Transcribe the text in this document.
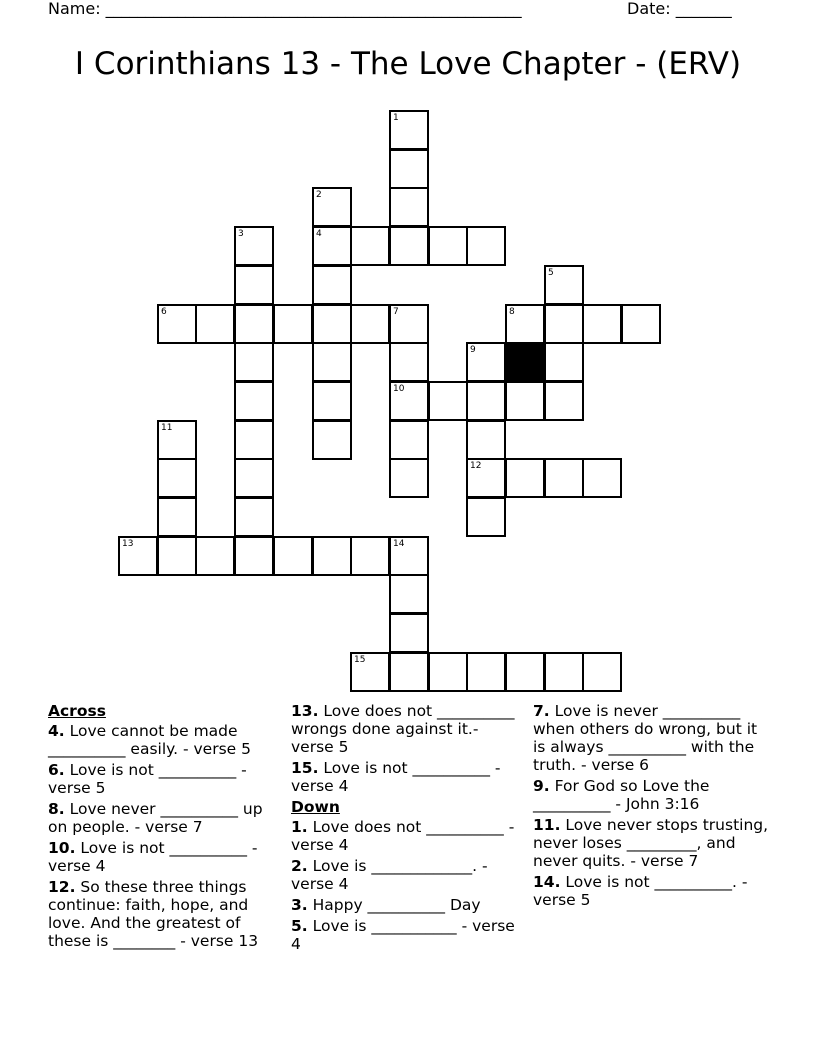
Name: ____________________________________________________	Date: _______
I Corinthians 13 - The Love Chapter - (ERV)
1
2
4
3
5
6	7
10
8
9
12
11
13	14
15
Across
4. Love cannot be made __________ easily. - verse 5
6. Love is not __________ - verse 5
8. Love never __________ up on people. - verse 7
10. Love is not __________ - verse 4
12. So these three things continue: faith, hope, and love. And the greatest of these is ________ - verse 13
13. Love does not __________ wrongs done against it.- verse 5
15. Love is not __________ - verse 4
Down
1. Love does not __________ - verse 4
2. Love is _____________. - verse 4
3. Happy __________ Day
5. Love is ___________ - verse 4
7. Love is never __________ when others do wrong, but it is always __________ with the truth. - verse 6
9. For God so Love the __________ - John 3:16
11. Love never stops trusting, never loses _________, and never quits. - verse 7
14. Love is not __________. - verse 5
